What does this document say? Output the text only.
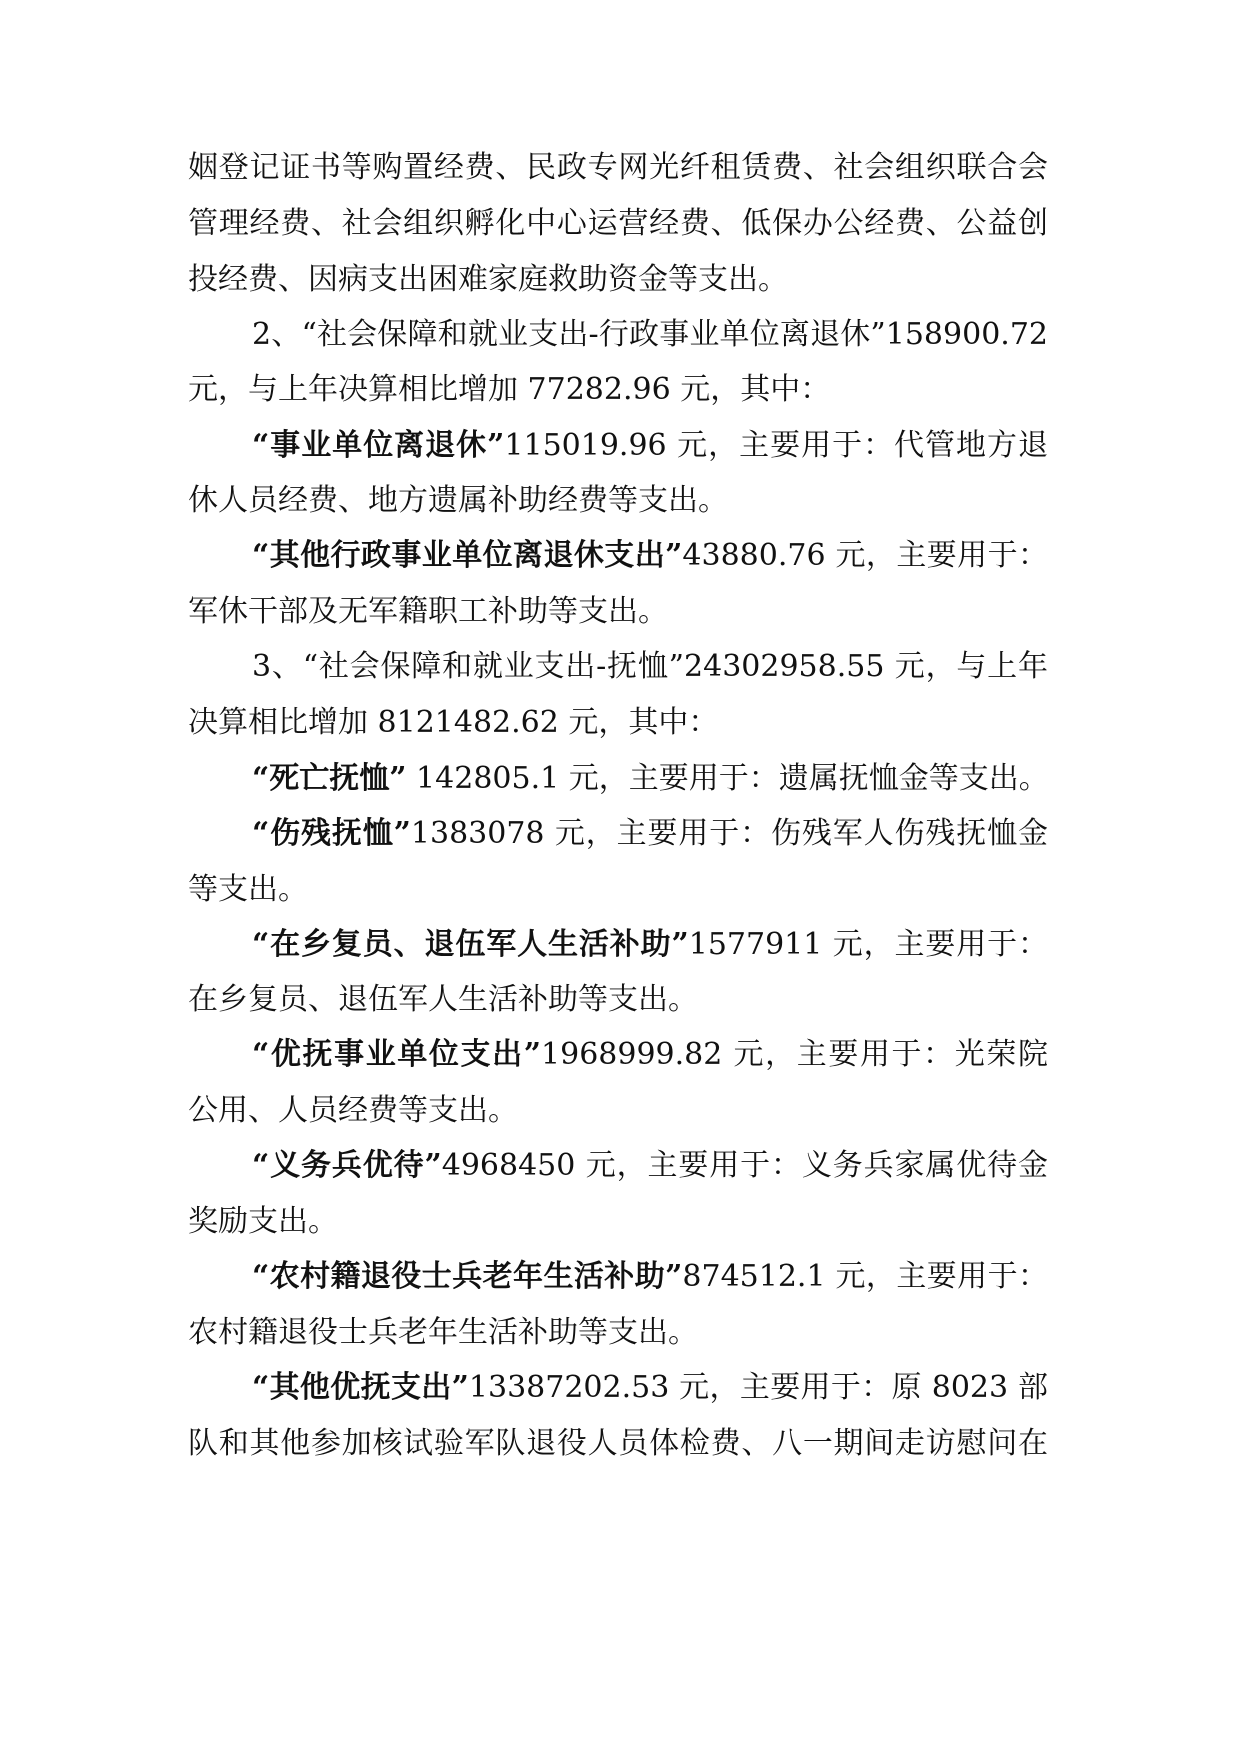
姻登记证书等购置经费、民政专网光纤租赁费、社会组织联合会
管理经费、社会组织孵化中心运营经费、低保办公经费、公益创
投经费、因病支出困难家庭救助资金等支出。
2、“社会保障和就业支出-行政事业单位离退休”158900.72
元，与上年决算相比增加 77282.96 元，其中：
“事业单位离退休”115019.96 元，主要用于：代管地方退
休人员经费、地方遗属补助经费等支出。
“其他行政事业单位离退休支出”43880.76 元，主要用于：
军休干部及无军籍职工补助等支出。
3、“社会保障和就业支出-抚恤”24302958.55 元，与上年
决算相比增加 8121482.62 元，其中：
“死亡抚恤” 142805.1 元，主要用于：遗属抚恤金等支出。
“伤残抚恤”1383078 元，主要用于：伤残军人伤残抚恤金
等支出。
“在乡复员、退伍军人生活补助”1577911 元，主要用于：
在乡复员、退伍军人生活补助等支出。
“优抚事业单位支出”1968999.82 元，主要用于：光荣院
公用、人员经费等支出。
“义务兵优待”4968450 元，主要用于：义务兵家属优待金
奖励支出。
“农村籍退役士兵老年生活补助”874512.1 元，主要用于：
农村籍退役士兵老年生活补助等支出。
“其他优抚支出”13387202.53 元，主要用于：原 8023 部
队和其他参加核试验军队退役人员体检费、八一期间走访慰问在
